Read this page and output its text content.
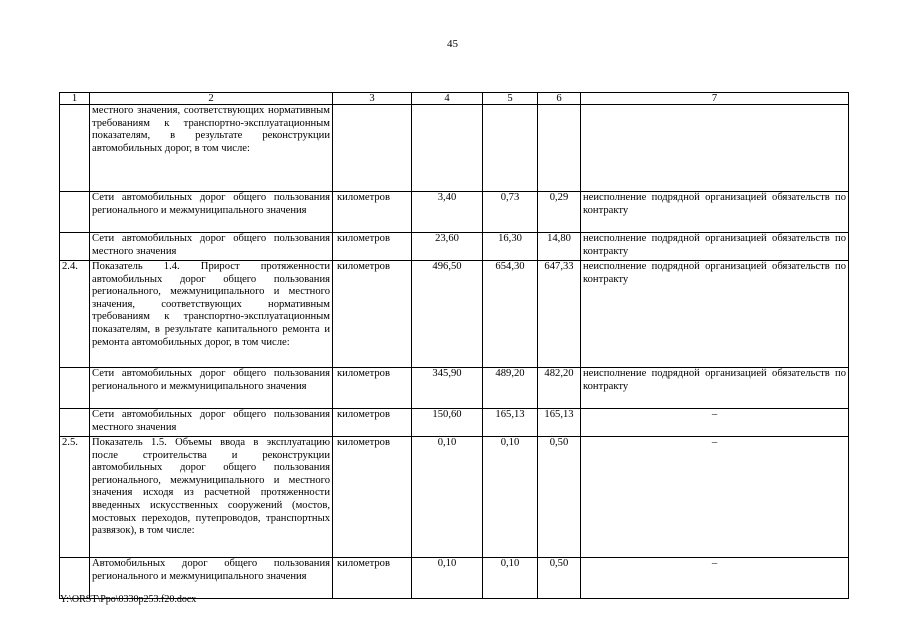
45
1	2	3	4	5	6	7
	местного значения, соответствующих нормативным требованиям к транспортно-эксплуатационным показателям, в результате реконструкции автомобильных дорог, в том числе:					
	Сети автомобильных дорог общего пользования регионального и межмуниципального значения	километров	3,40	0,73	0,29	неисполнение подрядной организацией обязательств по контракту
	Сети автомобильных дорог общего пользования местного значения	километров	23,60	16,30	14,80	неисполнение подрядной организацией обязательств по контракту
2.4.	Показатель 1.4. Прирост протяженности автомобильных дорог общего пользования регионального, межмуниципального и местного значения, соответствующих нормативным требованиям к транспортно-эксплуатационным показателям, в результате капитального ремонта и ремонта автомобильных дорог, в том числе:	километров	496,50	654,30	647,33	неисполнение подрядной организацией обязательств по контракту
	Сети автомобильных дорог общего пользования регионального и межмуниципального значения	километров	345,90	489,20	482,20	неисполнение подрядной организацией обязательств по контракту
	Сети автомобильных дорог общего пользования местного значения	километров	150,60	165,13	165,13	–
2.5.	Показатель 1.5. Объемы ввода в эксплуатацию после строительства и реконструкции автомобильных дорог общего пользования регионального, межмуниципального и местного значения исходя из расчетной протяженности введенных искусственных сооружений (мостов, мостовых переходов, путепроводов, транспортных развязок), в том числе:	километров	0,10	0,10	0,50	–
	Автомобильных дорог общего пользования регионального и межмуниципального значения	километров	0,10	0,10	0,50	–
Y:\ORST\Ppo\0330p253.f20.docx
